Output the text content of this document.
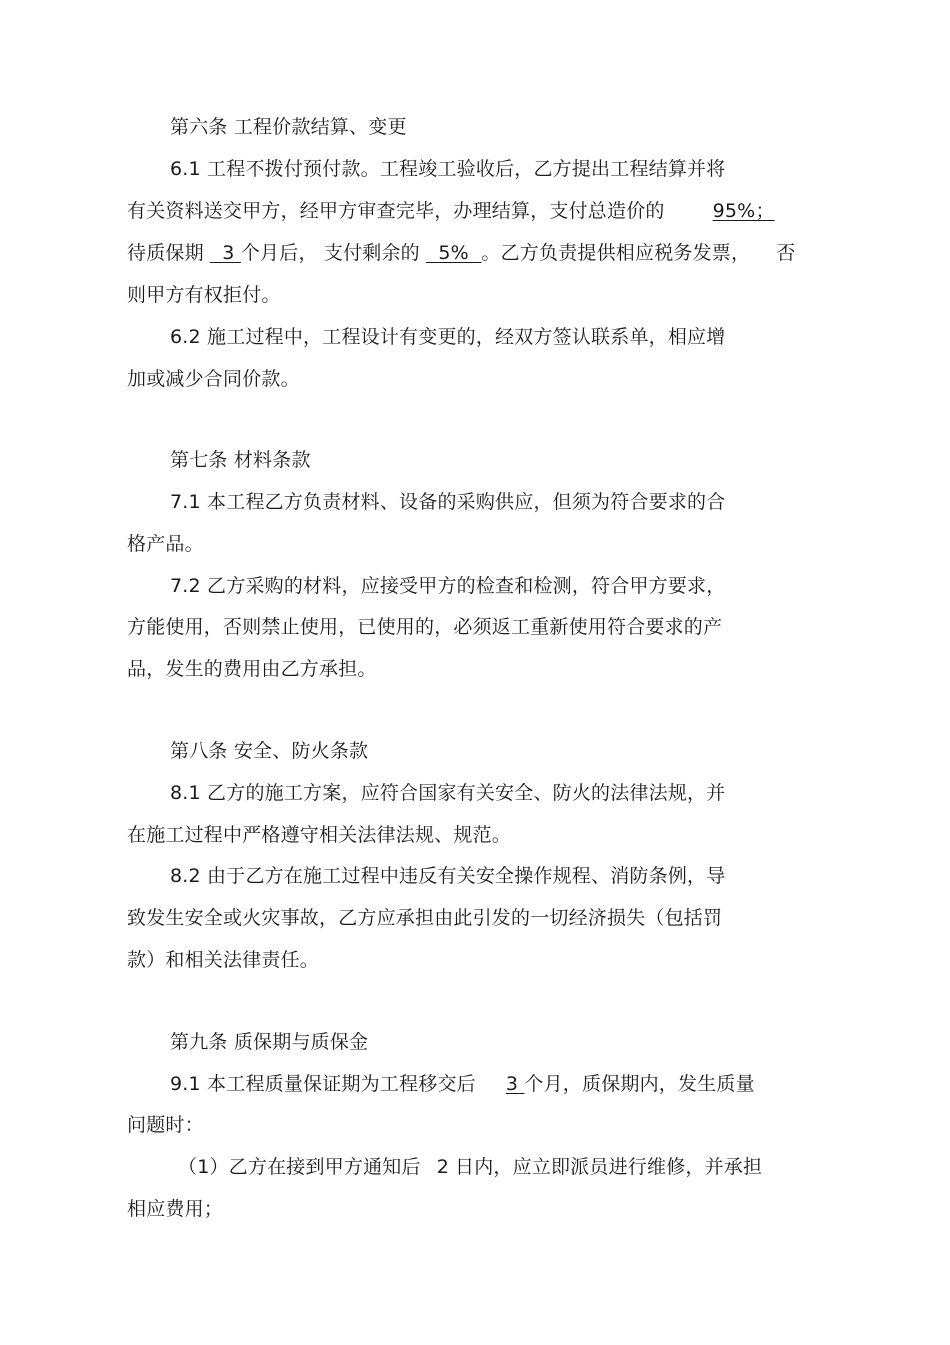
第六条 工程价款结算、变更
6.1 工程不拨付预付款。工程竣工验收后，乙方提出工程结算并将
有关资料送交甲方，经甲方审查完毕，办理结算，支付总造价的	95%；
待质保期 3 个月后， 支付剩余的 5% 。乙方负责提供相应税务发票， 否
则甲方有权拒付。
6.2 施工过程中，工程设计有变更的，经双方签认联系单，相应增
加或减少合同价款。
第七条 材料条款
7.1 本工程乙方负责材料、设备的采购供应，但须为符合要求的合
格产品。
7.2 乙方采购的材料，应接受甲方的检查和检测，符合甲方要求，
方能使用，否则禁止使用，已使用的，必须返工重新使用符合要求的产
品，发生的费用由乙方承担。
第八条 安全、防火条款
8.1 乙方的施工方案，应符合国家有关安全、防火的法律法规，并
在施工过程中严格遵守相关法律法规、规范。
8.2 由于乙方在施工过程中违反有关安全操作规程、消防条例，导
致发生安全或火灾事故，乙方应承担由此引发的一切经济损失（包括罚
款）和相关法律责任。
第九条 质保期与质保金
9.1 本工程质量保证期为工程移交后 3 个月，质保期内，发生质量
问题时：
（1）乙方在接到甲方通知后 2 日内，应立即派员进行维修，并承担
相应费用；
